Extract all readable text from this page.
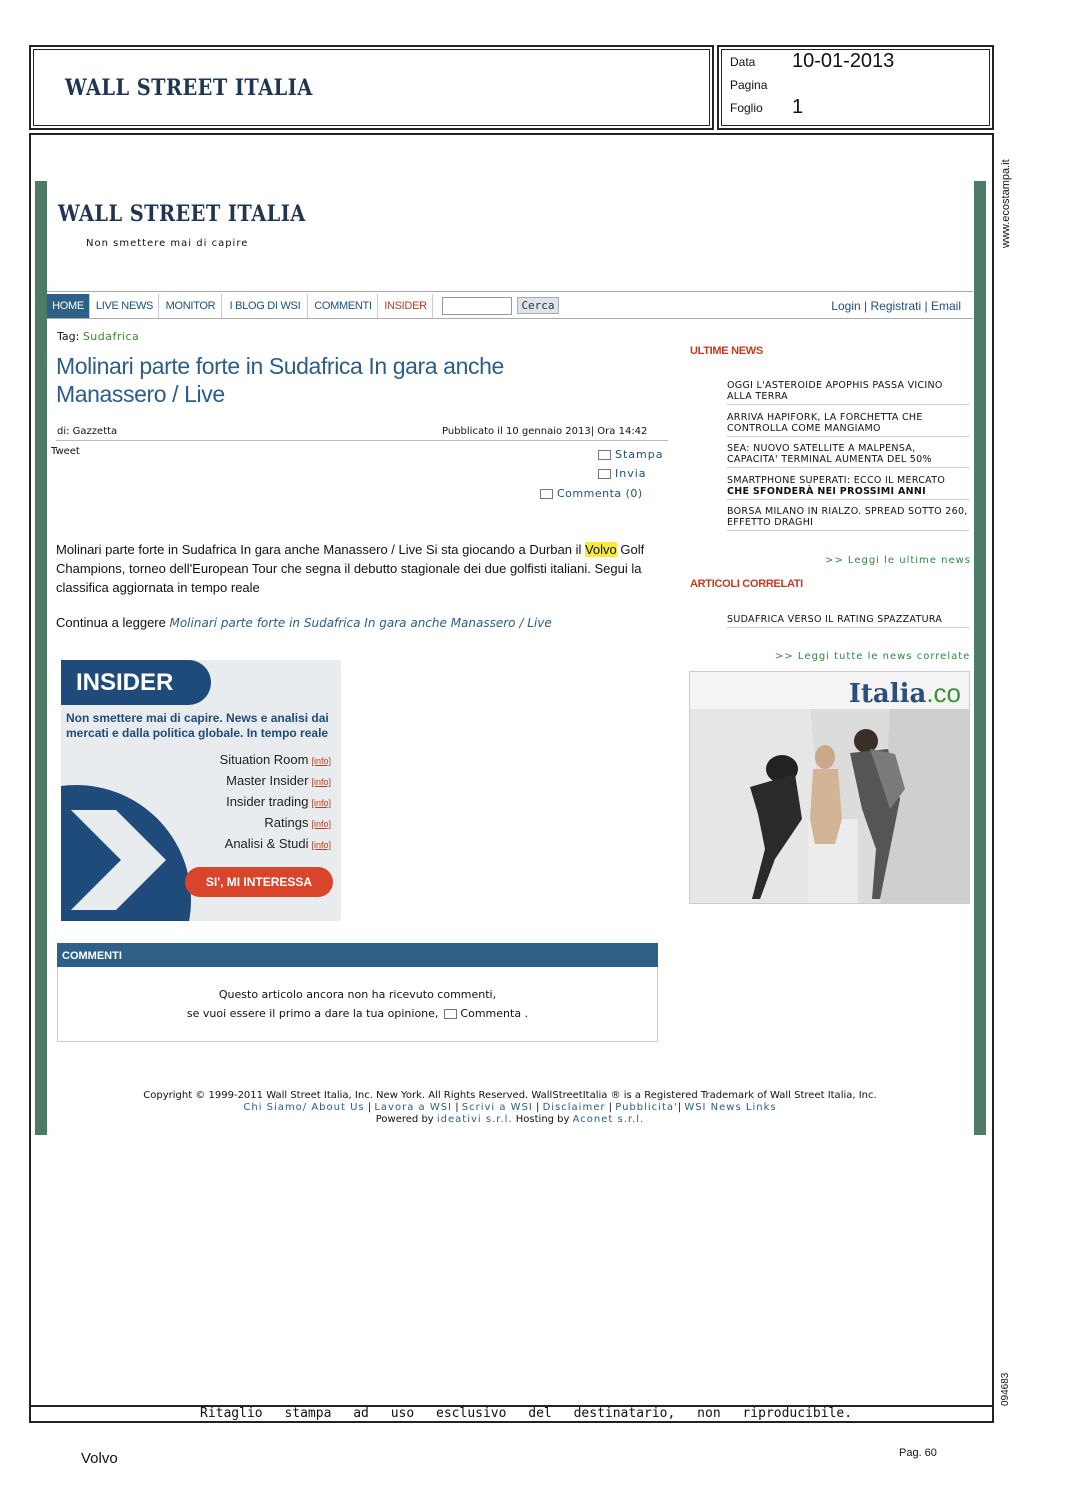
WALL STREET ITALIA
Data 10-01-2013
Pagina
Foglio 1
www.ecostampa.it
094683
WALL STREET ITALIA
Non smettere mai di capire
HOME	LIVE NEWS	MONITOR	I BLOG DI WSI	COMMENTI	INSIDER	Cerca	Login | Registrati | Email
Tag: Sudafrica
Molinari parte forte in Sudafrica In gara anche Manassero / Live
di: Gazzetta	Pubblicato il 10 gennaio 2013| Ora 14:42
Tweet	Stampa
Invia
Commenta (0)
Molinari parte forte in Sudafrica In gara anche Manassero / Live Si sta giocando a Durban il Volvo Golf Champions, torneo dell'European Tour che segna il debutto stagionale dei due golfisti italiani. Segui la classifica aggiornata in tempo reale
Continua a leggere Molinari parte forte in Sudafrica In gara anche Manassero / Live
INSIDER
Non smettere mai di capire. News e analisi dai mercati e dalla politica globale. In tempo reale
Situation Room [info]
Master Insider [info]
Insider trading [info]
Ratings [info]
Analisi & Studi [info]
SI', MI INTERESSA
COMMENTI
Questo articolo ancora non ha ricevuto commenti,
se vuoi essere il primo a dare la tua opinione, Commenta .
ULTIME NEWS
OGGI L'ASTEROIDE APOPHIS PASSA VICINO ALLA TERRA
ARRIVA HAPIFORK, LA FORCHETTA CHE CONTROLLA COME MANGIAMO
SEA: NUOVO SATELLITE A MALPENSA, CAPACITA' TERMINAL AUMENTA DEL 50%
SMARTPHONE SUPERATI: ECCO IL MERCATO CHE SFONDERÀ NEI PROSSIMI ANNI
BORSA MILANO IN RIALZO. SPREAD SOTTO 260, EFFETTO DRAGHI
>> Leggi le ultime news
ARTICOLI CORRELATI
SUDAFRICA VERSO IL RATING SPAZZATURA
>> Leggi tutte le news correlate
Italia.co
Copyright © 1999-2011 Wall Street Italia, Inc. New York. All Rights Reserved. WallStreetItalia ® is a Registered Trademark of Wall Street Italia, Inc.
Chi Siamo/ About Us | Lavora a WSI | Scrivi a WSI | Disclaimer | Pubblicita'| WSI News Links
Powered by ideativi s.r.l. Hosting by Aconet s.r.l.
Ritaglio stampa ad uso esclusivo del destinatario, non riproducibile.
Volvo	Pag. 60
